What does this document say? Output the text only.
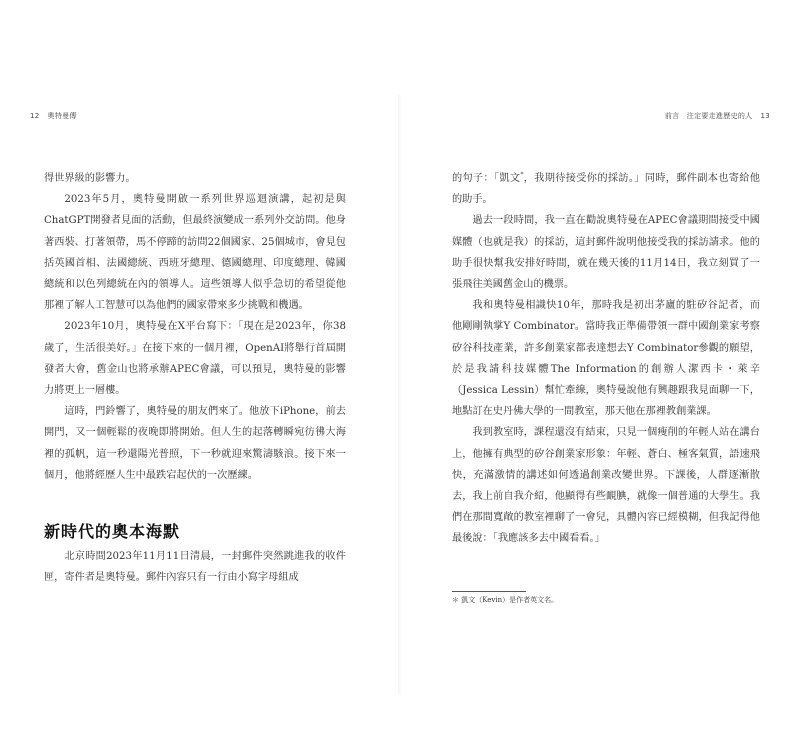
12 奧特曼傳	前言　注定要走進歷史的人 13

得世界級的影響力。

2023年5月，奧特曼開啟一系列世界巡迴演講，起初是與ChatGPT開發者見面的活動，但最終演變成一系列外交訪問。他身著西裝、打著領帶，馬不停蹄的訪問22個國家、25個城市，會見包括英國首相、法國總統、西班牙總理、德國總理、印度總理、韓國總統和以色列總統在內的領導人。這些領導人似乎急切的希望從他那裡了解人工智慧可以為他們的國家帶來多少挑戰和機遇。

2023年10月，奧特曼在X平台寫下：「現在是2023年，你38歲了，生活很美好。」在接下來的一個月裡，OpenAI將舉行首屆開發者大會，舊金山也將承辦APEC會議，可以預見，奧特曼的影響力將更上一層樓。

這時，門鈴響了，奧特曼的朋友們來了。他放下iPhone，前去開門，又一個輕鬆的夜晚即將開始。但人生的起落轉瞬宛彷彿大海裡的孤帆，這一秒還陽光普照，下一秒就迎來驚濤駭浪。接下來一個月，他將經歷人生中最跌宕起伏的一次歷練。

新時代的奧本海默

北京時間2023年11月11日清晨，一封郵件突然跳進我的收件匣，寄件者是奧特曼。郵件內容只有一行由小寫字母組成

的句子：「凱文*，我期待接受你的採訪。」同時，郵件副本也寄給他的助手。

過去一段時間，我一直在勸說奧特曼在APEC會議期間接受中國媒體（也就是我）的採訪，這封郵件說明他接受我的採訪請求。他的助手很快幫我安排好時間，就在幾天後的11月14日，我立刻買了一張飛往美國舊金山的機票。

我和奧特曼相識快10年，那時我是初出茅廬的駐矽谷記者，而他剛剛執掌Y Combinator。當時我正準備帶領一群中國創業家考察矽谷科技產業，許多創業家都表達想去Y Combinator參觀的願望，於是我請科技媒體The Information的創辦人潔西卡・萊辛（Jessica Lessin）幫忙牽線，奧特曼說他有興趣跟我見面聊一下，地點訂在史丹佛大學的一間教室，那天他在那裡教創業課。

我到教室時，課程還沒有結束，只見一個瘦削的年輕人站在講台上，他擁有典型的矽谷創業家形象：年輕、蒼白、極客氣質，語速飛快，充滿激情的講述如何透過創業改變世界。下課後，人群逐漸散去，我上前自我介紹，他顯得有些靦腆，就像一個普通的大學生。我們在那間寬敞的教室裡聊了一會兒，具體內容已經模糊，但我記得他最後說：「我應該多去中國看看。」

＊ 凱文（Kevin）是作者英文名。
